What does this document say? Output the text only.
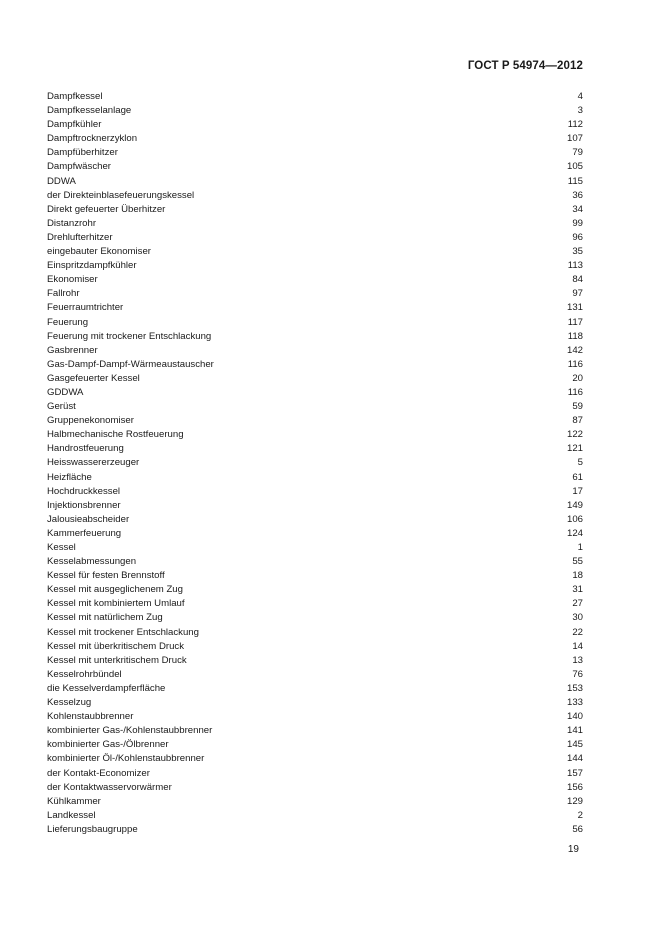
ГОСТ Р 54974—2012
Dampfkessel	4
Dampfkesselanlage	3
Dampfkühler	112
Dampftrocknerzyklon	107
Dampfüberhitzer	79
Dampfwäscher	105
DDWA	115
der Direkteinblasefeuerungskessel	36
Direkt gefeuerter Überhitzer	34
Distanzrohr	99
Drehlufterhitzer	96
eingebauter Ekonomiser	35
Einspritzdampfkühler	113
Ekonomiser	84
Fallrohr	97
Feuerraumtrichter	131
Feuerung	117
Feuerung mit trockener Entschlackung	118
Gasbrenner	142
Gas-Dampf-Dampf-Wärmeaustauscher	116
Gasgefeuerter Kessel	20
GDDWA	116
Gerüst	59
Gruppenekonomiser	87
Halbmechanische Rostfeuerung	122
Handrostfeuerung	121
Heisswassererzeuger	5
Heizfläche	61
Hochdruckkessel	17
Injektionsbrenner	149
Jalousieabscheider	106
Kammerfeuerung	124
Kessel	1
Kesselabmessungen	55
Kessel für festen Brennstoff	18
Kessel mit ausgeglichenem Zug	31
Kessel mit kombiniertem Umlauf	27
Kessel mit natürlichem Zug	30
Kessel mit trockener Entschlackung	22
Kessel mit überkritischem Druck	14
Kessel mit unterkritischem Druck	13
Kesselrohrbündel	76
die Kesselverdampferfläche	153
Kesselzug	133
Kohlenstaubbrenner	140
kombinierter Gas-/Kohlenstaubbrenner	141
kombinierter Gas-/Ölbrenner	145
kombinierter Öl-/Kohlenstaubbrenner	144
der Kontakt-Economizer	157
der Kontaktwasservorwärmer	156
Kühlkammer	129
Landkessel	2
Lieferungsbaugruppe	56
19
